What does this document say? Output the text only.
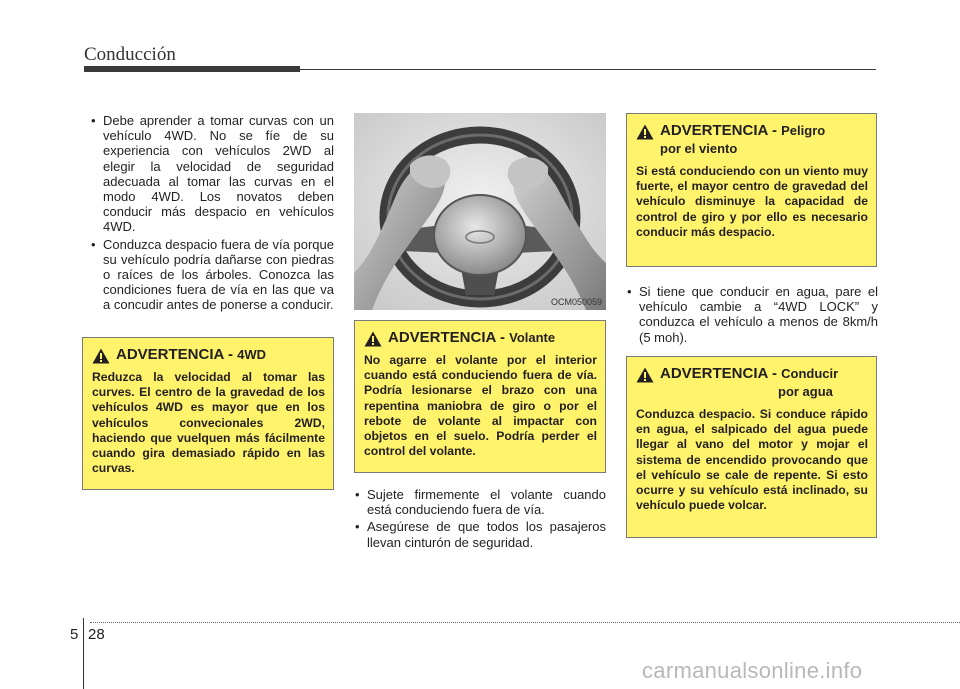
Conducción
• Debe aprender a tomar curvas con un vehículo 4WD. No se fíe de su experiencia con vehículos 2WD al elegir la velocidad de seguridad adecuada al tomar las curvas en el modo 4WD. Los novatos deben conducir más despacio en vehículos 4WD.
• Conduzca despacio fuera de vía porque su vehículo podría dañarse con piedras o raíces de los árboles. Conozca las condiciones fuera de vía en las que va a concudir antes de ponerse a conducir.
ADVERTENCIA - 4WD
Reduzca la velocidad al tomar las curves. El centro de la gravedad de los vehículos 4WD es mayor que en los vehículos convecionales 2WD, haciendo que vuelquen más fácilmente cuando gira demasiado rápido en las curvas.
OCM050059
ADVERTENCIA - Volante
No agarre el volante por el interior cuando está conduciendo fuera de vía. Podría lesionarse el brazo con una repentina maniobra de giro o por el rebote de volante al impactar con objetos en el suelo. Podría perder el control del volante.
• Sujete firmemente el volante cuando está conduciendo fuera de vía.
• Asegúrese de que todos los pasajeros llevan cinturón de seguridad.
ADVERTENCIA - Peligro
por el viento
Si está conduciendo con un viento muy fuerte, el mayor centro de gravedad del vehículo disminuye la capacidad de control de giro y por ello es necesario conducir más despacio.
• Si tiene que conducir en agua, pare el vehículo cambie a “4WD LOCK” y conduzca el vehículo a menos de 8km/h (5 moh).
ADVERTENCIA - Conducir
por agua
Conduzca despacio. Si conduce rápido en agua, el salpicado del agua puede llegar al vano del motor y mojar el sistema de encendido provocando que el vehículo se cale de repente. Si esto ocurre y su vehículo está inclinado, su vehículo puede volcar.
5 28
carmanualsonline.info
